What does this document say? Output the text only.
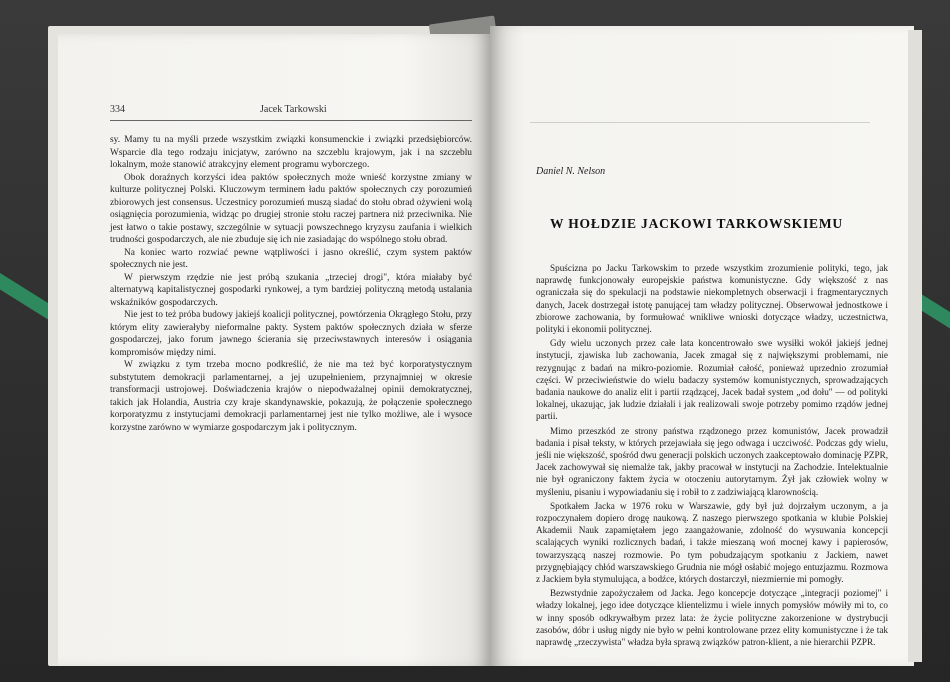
334	Jacek Tarkowski

sy. Mamy tu na myśli przede wszystkim związki konsumenckie i związki przedsiębiorców. Wsparcie dla tego rodzaju inicjatyw, zarówno na szczeblu krajowym, jak i na szczeblu lokalnym, może stanowić atrakcyjny element programu wyborczego.

Obok doraźnych korzyści idea paktów społecznych może wnieść korzystne zmiany w kulturze politycznej Polski. Kluczowym terminem ładu paktów społecznych czy porozumień zbiorowych jest consensus. Uczestnicy porozumień muszą siadać do stołu obrad ożywieni wolą osiągnięcia porozumienia, widząc po drugiej stronie stołu raczej partnera niż przeciwnika. Nie jest łatwo o takie postawy, szczególnie w sytuacji powszechnego kryzysu zaufania i wielkich trudności gospodarczych, ale nie zbuduje się ich nie zasiadając do wspólnego stołu obrad.

Na koniec warto rozwiać pewne wątpliwości i jasno określić, czym system paktów społecznych nie jest.

W pierwszym rzędzie nie jest próbą szukania „trzeciej drogi", która miałaby być alternatywą kapitalistycznej gospodarki rynkowej, a tym bardziej polityczną metodą ustalania wskaźników gospodarczych.

Nie jest to też próba budowy jakiejś koalicji politycznej, powtórzenia Okrągłego Stołu, przy którym elity zawierałyby nieformalne pakty. System paktów społecznych działa w sferze gospodarczej, jako forum jawnego ścierania się przeciwstawnych interesów i osiągania kompromisów między nimi.

W związku z tym trzeba mocno podkreślić, że nie ma też być korporatystycznym substytutem demokracji parlamentarnej, a jej uzupełnieniem, przynajmniej w okresie transformacji ustrojowej. Doświadczenia krajów o niepodważalnej opinii demokratycznej, takich jak Holandia, Austria czy kraje skandynawskie, pokazują, że połączenie społecznego korporatyzmu z instytucjami demokracji parlamentarnej jest nie tylko możliwe, ale i wysoce korzystne zarówno w wymiarze gospodarczym jak i politycznym.

Daniel N. Nelson
W HOŁDZIE JACKOWI TARKOWSKIEMU

Spuścizna po Jacku Tarkowskim to przede wszystkim zrozumienie polityki, tego, jak naprawdę funkcjonowały europejskie państwa komunistyczne. Gdy większość z nas ograniczała się do spekulacji na podstawie niekompletnych obserwacji i fragmentarycznych danych, Jacek dostrzegał istotę panującej tam władzy politycznej. Obserwował jednostkowe i zbiorowe zachowania, by formułować wnikliwe wnioski dotyczące władzy, uczestnictwa, polityki i ekonomii politycznej.

Gdy wielu uczonych przez całe lata koncentrowało swe wysiłki wokół jakiejś jednej instytucji, zjawiska lub zachowania, Jacek zmagał się z największymi problemami, nie rezygnując z badań na mikro-poziomie. Rozumiał całość, ponieważ uprzednio zrozumiał części. W przeciwieństwie do wielu badaczy systemów komunistycznych, sprowadzających badania naukowe do analiz elit i partii rządzącej, Jacek badał system „od dołu" — od polityki lokalnej, ukazując, jak ludzie działali i jak realizowali swoje potrzeby pomimo rządów jednej partii.

Mimo przeszkód ze strony państwa rządzonego przez komunistów, Jacek prowadził badania i pisał teksty, w których przejawiała się jego odwaga i uczciwość. Podczas gdy wielu, jeśli nie większość, spośród dwu generacji polskich uczonych zaakceptowało dominację PZPR, Jacek zachowywał się niemalże tak, jakby pracował w instytucji na Zachodzie. Intelektualnie nie był ograniczony faktem życia w otoczeniu autorytarnym. Żył jak człowiek wolny w myśleniu, pisaniu i wypowiadaniu się i robił to z zadziwiającą klarownością.

Spotkałem Jacka w 1976 roku w Warszawie, gdy był już dojrzałym uczonym, a ja rozpoczynałem dopiero drogę naukową. Z naszego pierwszego spotkania w klubie Polskiej Akademii Nauk zapamiętałem jego zaangażowanie, zdolność do wysuwania koncepcji scalających wyniki rozlicznych badań, i także mieszaną woń mocnej kawy i papierosów, towarzyszącą naszej rozmowie. Po tym pobudzającym spotkaniu z Jackiem, nawet przygnębiający chłód warszawskiego Grudnia nie mógł osłabić mojego entuzjazmu. Rozmowa z Jackiem była stymulująca, a bodźce, których dostarczył, niezmiernie mi pomogły.

Bezwstydnie zapożyczałem od Jacka. Jego koncepcje dotyczące „integracji poziomej" i władzy lokalnej, jego idee dotyczące klientelizmu i wiele innych pomysłów mówiły mi to, co w inny sposób odkrywałbym przez lata: że życie polityczne zakorzenione w dystrybucji zasobów, dóbr i usług nigdy nie było w pełni kontrolowane przez elity komunistyczne i że tak naprawdę „rzeczywista" władza była sprawą związków patron-klient, a nie hierarchii PZPR.
